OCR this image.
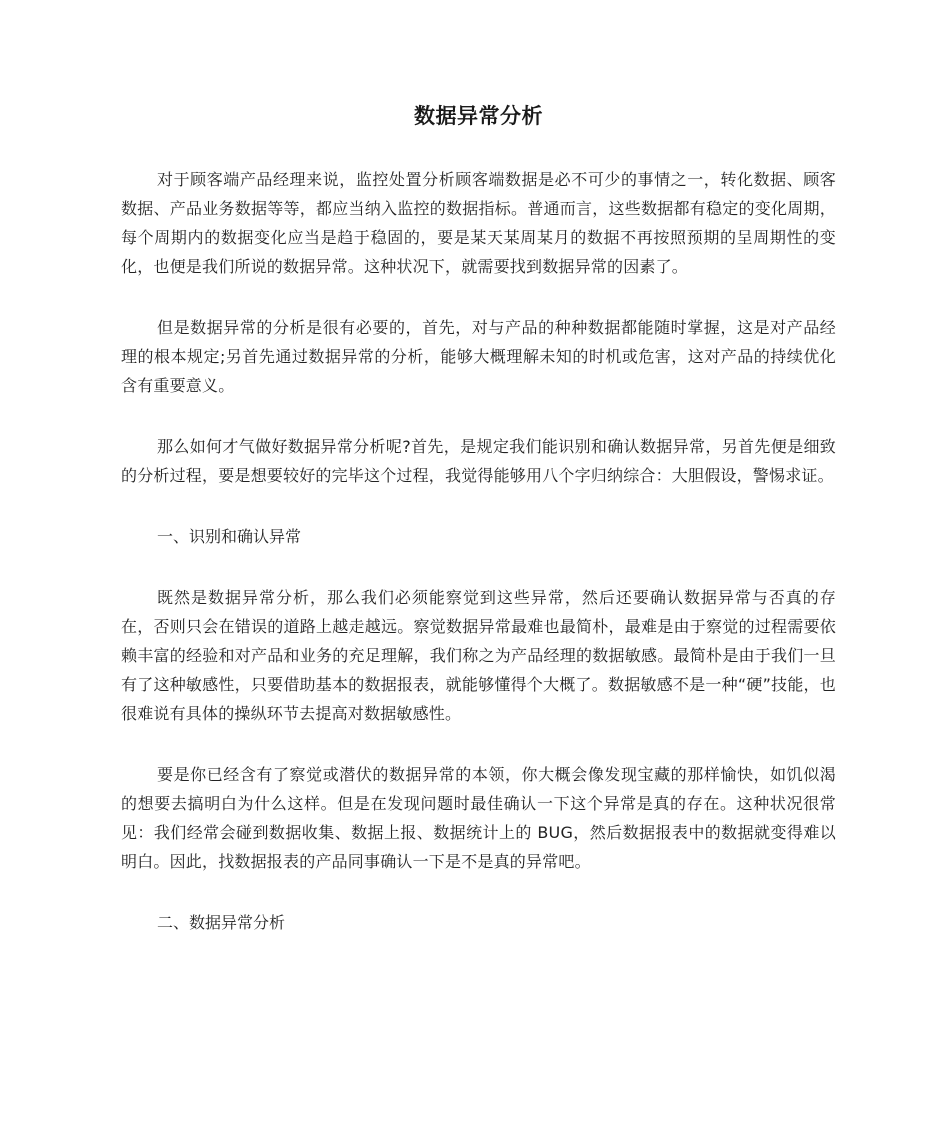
数据异常分析

对于顾客端产品经理来说，监控处置分析顾客端数据是必不可少的事情之一，转化数据、顾客数据、产品业务数据等等，都应当纳入监控的数据指标。普通而言，这些数据都有稳定的变化周期，每个周期内的数据变化应当是趋于稳固的，要是某天某周某月的数据不再按照预期的呈周期性的变化，也便是我们所说的数据异常。这种状况下，就需要找到数据异常的因素了。

但是数据异常的分析是很有必要的，首先，对与产品的种种数据都能随时掌握，这是对产品经理的根本规定;另首先通过数据异常的分析，能够大概理解未知的时机或危害，这对产品的持续优化含有重要意义。

那么如何才气做好数据异常分析呢?首先，是规定我们能识别和确认数据异常，另首先便是细致的分析过程，要是想要较好的完毕这个过程，我觉得能够用八个字归纳综合：大胆假设，警惕求证。

一、识别和确认异常

既然是数据异常分析，那么我们必须能察觉到这些异常，然后还要确认数据异常与否真的存在，否则只会在错误的道路上越走越远。察觉数据异常最难也最简朴，最难是由于察觉的过程需要依赖丰富的经验和对产品和业务的充足理解，我们称之为产品经理的数据敏感。最简朴是由于我们一旦有了这种敏感性，只要借助基本的数据报表，就能够懂得个大概了。数据敏感不是一种“硬”技能，也很难说有具体的操纵环节去提高对数据敏感性。

要是你已经含有了察觉或潜伏的数据异常的本领，你大概会像发现宝藏的那样愉快，如饥似渴的想要去搞明白为什么这样。但是在发现问题时最佳确认一下这个异常是真的存在。这种状况很常见：我们经常会碰到数据收集、数据上报、数据统计上的 BUG，然后数据报表中的数据就变得难以明白。因此，找数据报表的产品同事确认一下是不是真的异常吧。

二、数据异常分析
